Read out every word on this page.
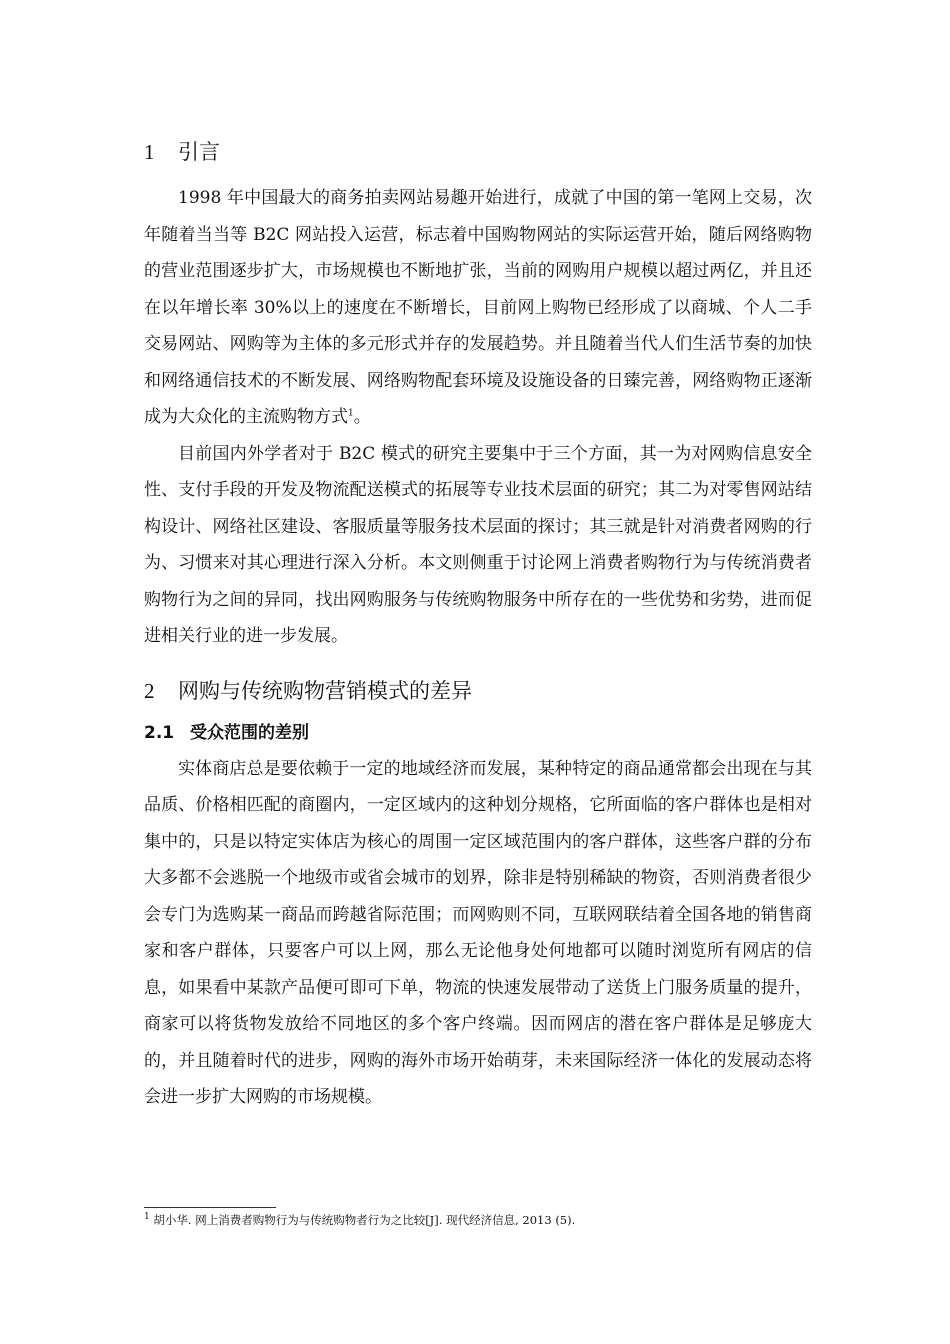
1	引言

1998 年中国最大的商务拍卖网站易趣开始进行，成就了中国的第一笔网上交易，次年随着当当等 B2C 网站投入运营，标志着中国购物网站的实际运营开始，随后网络购物的营业范围逐步扩大，市场规模也不断地扩张，当前的网购用户规模以超过两亿，并且还在以年增长率 30%以上的速度在不断增长，目前网上购物已经形成了以商城、个人二手交易网站、网购等为主体的多元形式并存的发展趋势。并且随着当代人们生活节奏的加快和网络通信技术的不断发展、网络购物配套环境及设施设备的日臻完善，网络购物正逐渐成为大众化的主流购物方式$^1$。

目前国内外学者对于 B2C 模式的研究主要集中于三个方面，其一为对网购信息安全性、支付手段的开发及物流配送模式的拓展等专业技术层面的研究；其二为对零售网站结构设计、网络社区建设、客服质量等服务技术层面的探讨；其三就是针对消费者网购的行为、习惯来对其心理进行深入分析。本文则侧重于讨论网上消费者购物行为与传统消费者购物行为之间的异同，找出网购服务与传统购物服务中所存在的一些优势和劣势，进而促进相关行业的进一步发展。

2	网购与传统购物营销模式的差异
2.1 受众范围的差别

实体商店总是要依赖于一定的地域经济而发展，某种特定的商品通常都会出现在与其品质、价格相匹配的商圈内，一定区域内的这种划分规格，它所面临的客户群体也是相对集中的，只是以特定实体店为核心的周围一定区域范围内的客户群体，这些客户群的分布大多都不会逃脱一个地级市或省会城市的划界，除非是特别稀缺的物资，否则消费者很少会专门为选购某一商品而跨越省际范围；而网购则不同，互联网联结着全国各地的销售商家和客户群体，只要客户可以上网，那么无论他身处何地都可以随时浏览所有网店的信息，如果看中某款产品便可即可下单，物流的快速发展带动了送货上门服务质量的提升，商家可以将货物发放给不同地区的多个客户终端。因而网店的潜在客户群体是足够庞大的，并且随着时代的进步，网购的海外市场开始萌芽，未来国际经济一体化的发展动态将会进一步扩大网购的市场规模。

$^1$ 胡小华. 网上消费者购物行为与传统购物者行为之比较[J]. 现代经济信息, 2013 (5).
